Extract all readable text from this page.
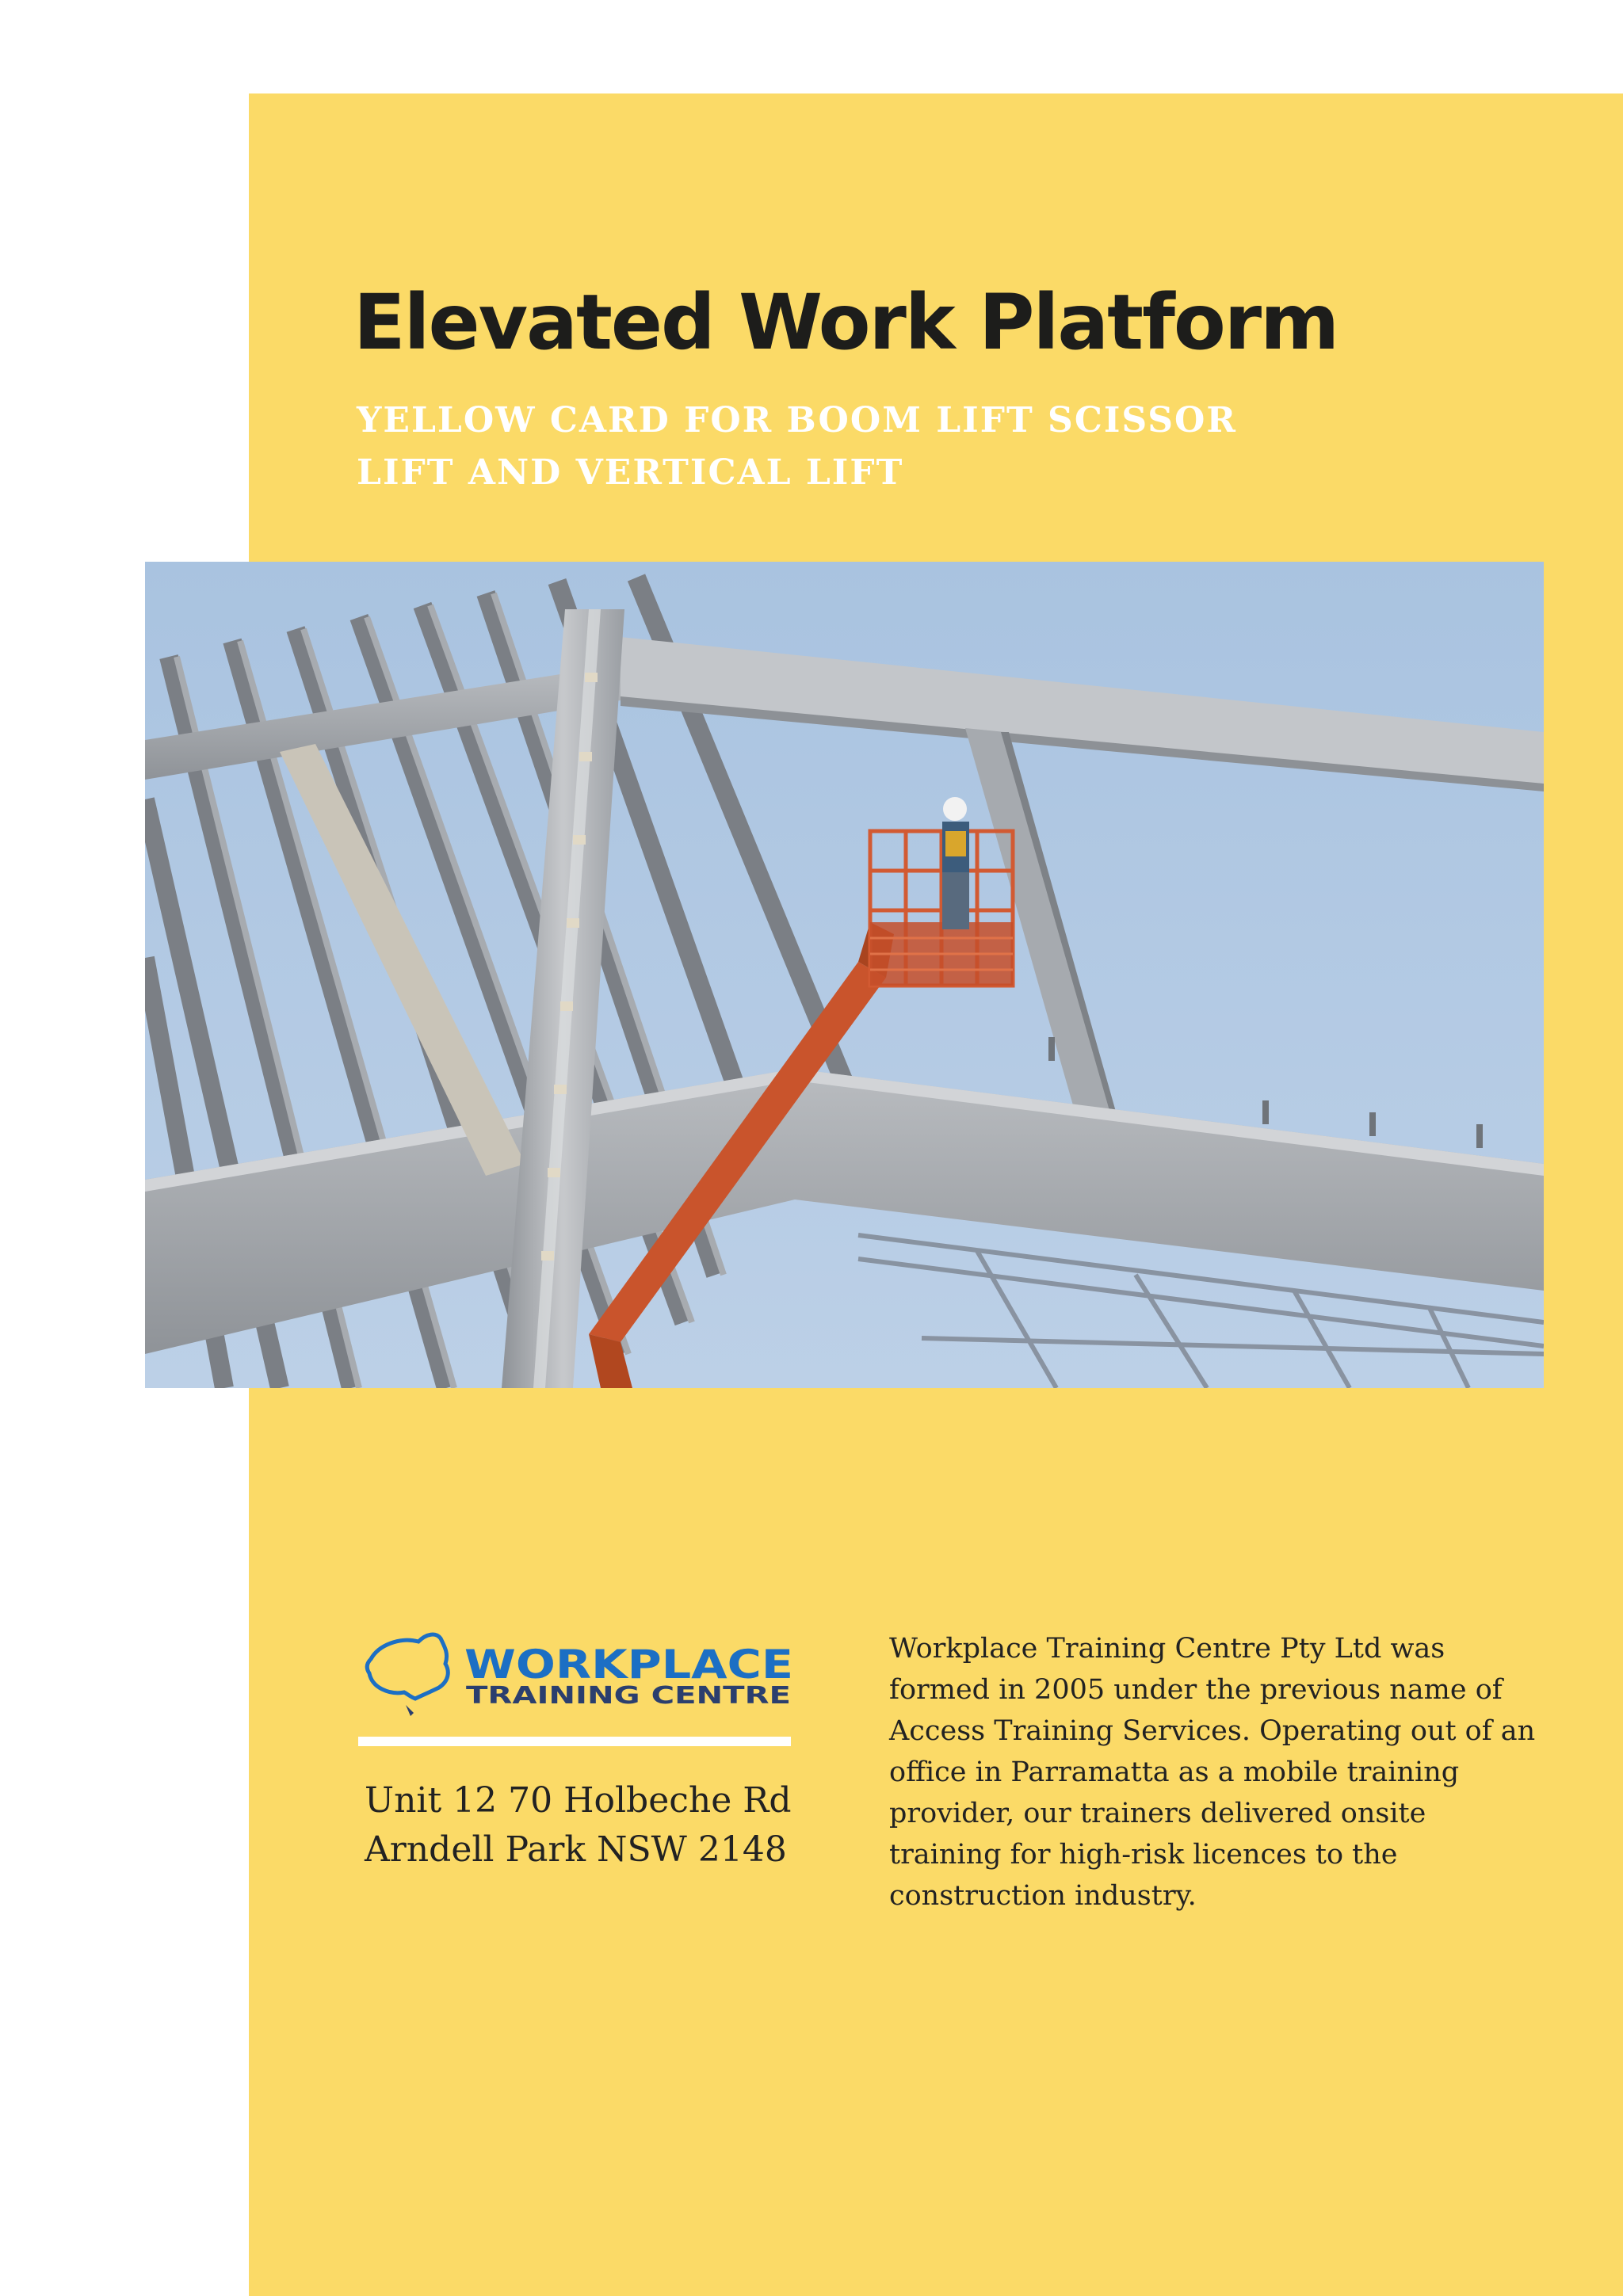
Elevated Work Platform
YELLOW CARD FOR BOOM LIFT SCISSOR LIFT AND VERTICAL LIFT
WORKPLACE
TRAINING CENTRE
Unit 12 70 Holbeche Rd
Arndell Park NSW 2148

Workplace Training Centre Pty Ltd was formed in 2005 under the previous name of Access Training Services. Operating out of an office in Parramatta as a mobile training provider, our trainers delivered onsite training for high-risk licences to the construction industry.
